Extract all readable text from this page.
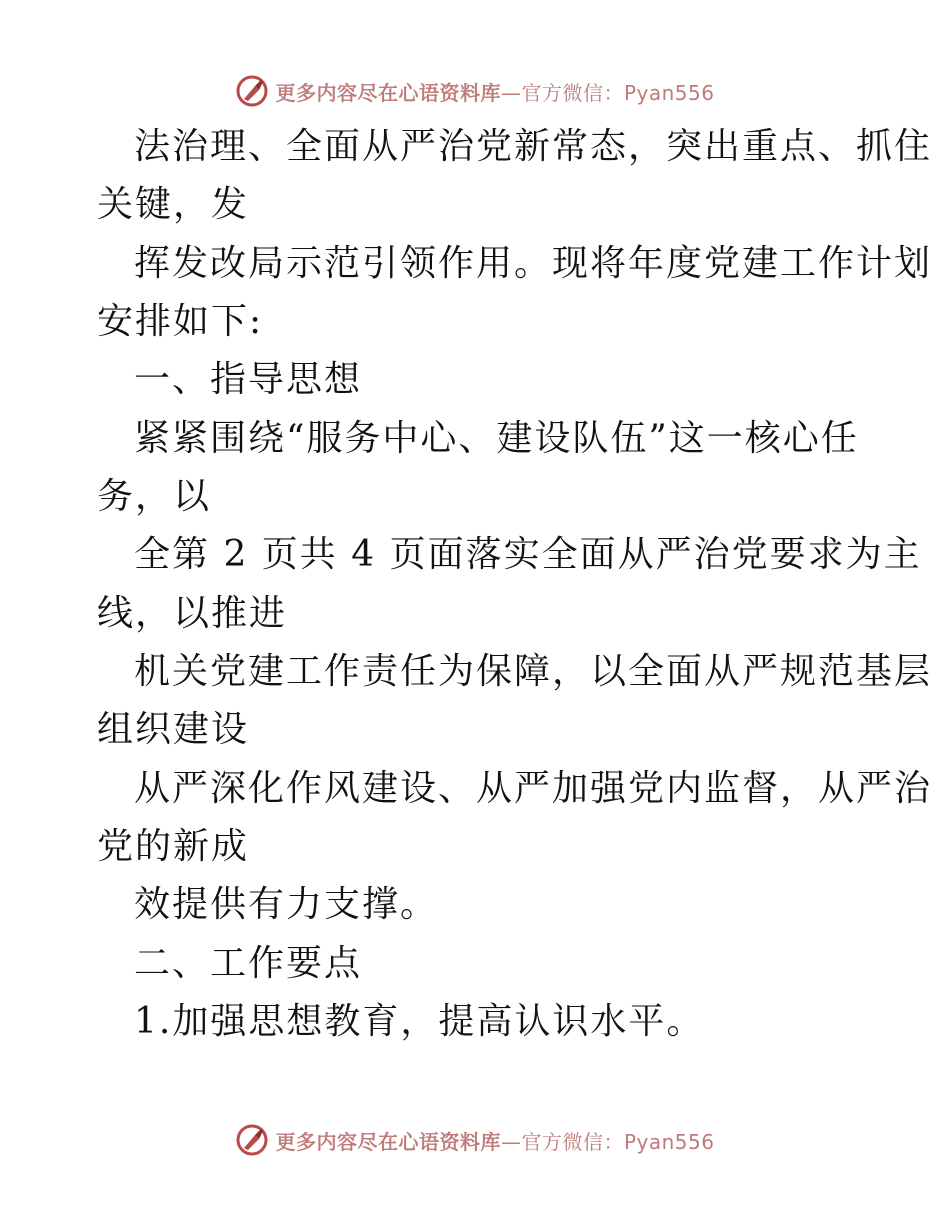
更多内容尽在心语资料库—官方微信：Pyan556
法治理、全面从严治党新常态，突出重点、抓住
关键，发
挥发改局示范引领作用。现将年度党建工作计划
安排如下:
一、指导思想
紧紧围绕“服务中心、建设队伍”这一核心任
务，以
全第 2 页共 4 页面落实全面从严治党要求为主
线，以推进
机关党建工作责任为保障，以全面从严规范基层
组织建设
从严深化作风建设、从严加强党内监督，从严治
党的新成
效提供有力支撑。
二、工作要点
1.加强思想教育，提高认识水平。
更多内容尽在心语资料库—官方微信：Pyan556
